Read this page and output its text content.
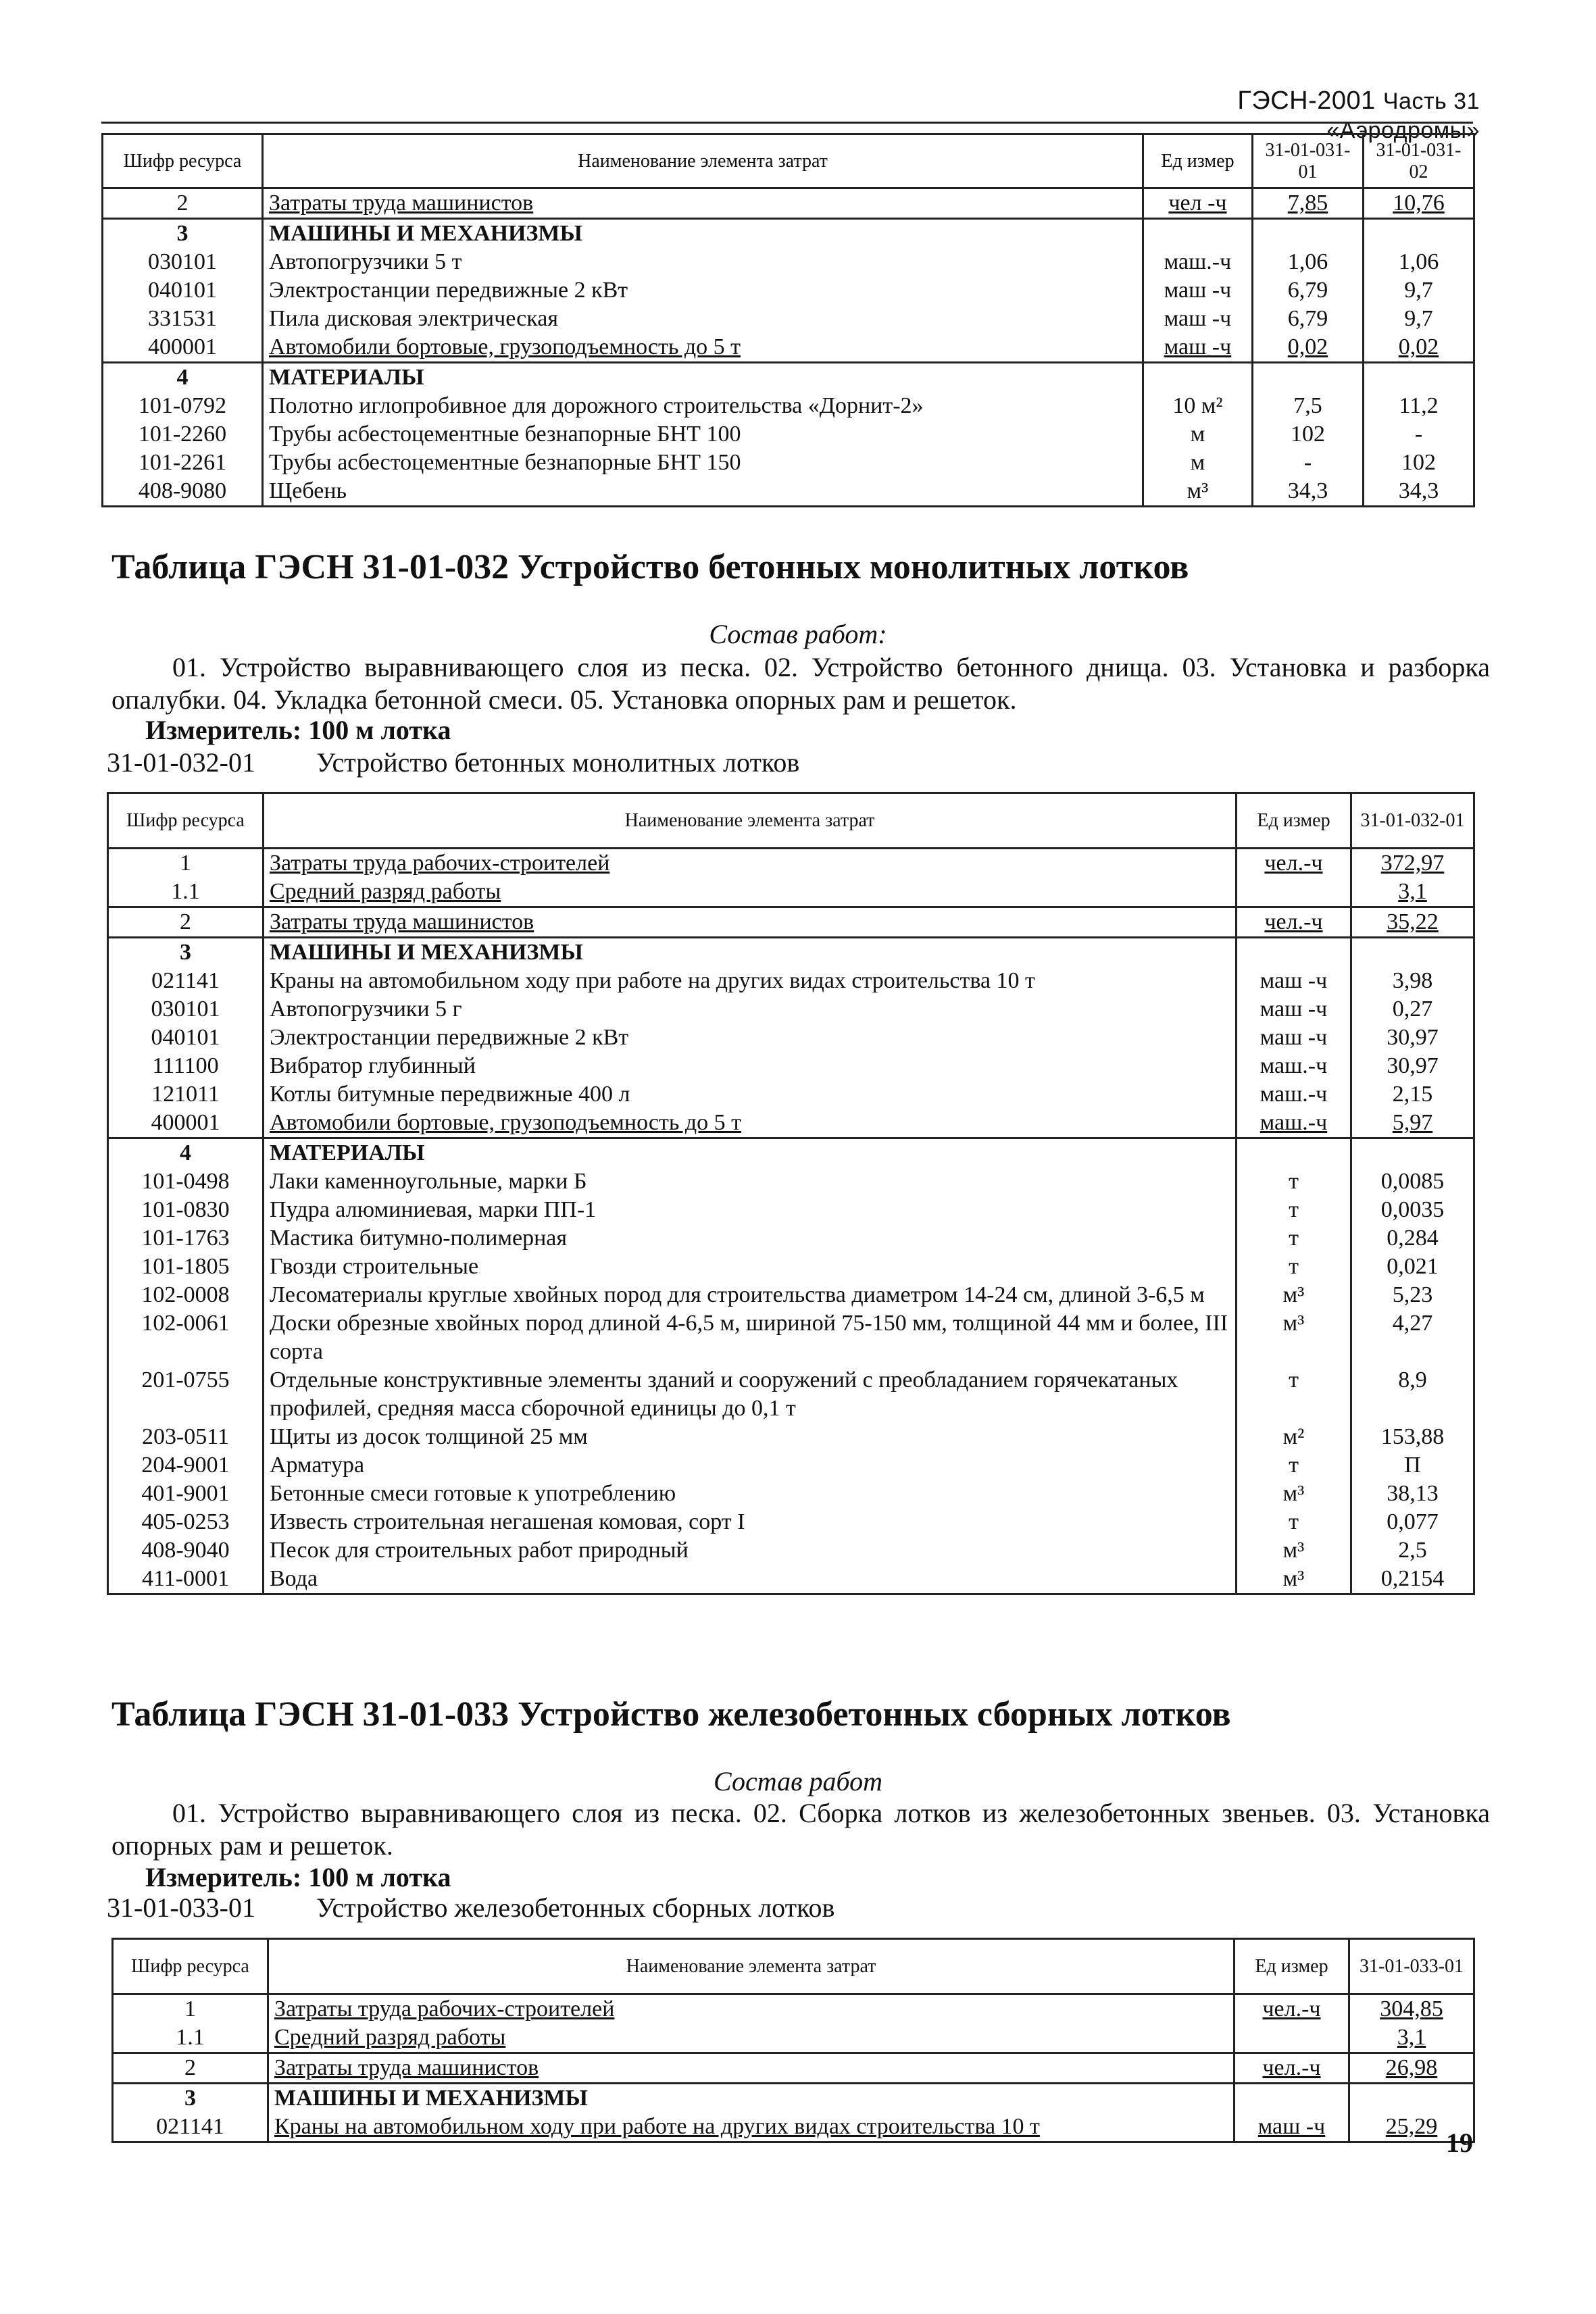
ГЭСН-2001 Часть 31 «Аэродромы»
Шифр ресурса	Наименование элемента затрат	Ед измер	31-01-031-01	31-01-031-02
2	Затраты труда машинистов	чел -ч	7,85	10,76
3	МАШИНЫ И МЕХАНИЗМЫ			
030101	Автопогрузчики 5 т	маш.-ч	1,06	1,06
040101	Электростанции передвижные 2 кВт	маш -ч	6,79	9,7
331531	Пила дисковая электрическая	маш -ч	6,79	9,7
400001	Автомобили бортовые, грузоподъемность до 5 т	маш -ч	0,02	0,02
4	МАТЕРИАЛЫ			
101-0792	Полотно иглопробивное для дорожного строительства «Дорнит-2»	10 м²	7,5	11,2
101-2260	Трубы асбестоцементные безнапорные БНТ 100	м	102	-
101-2261	Трубы асбестоцементные безнапорные БНТ 150	м	-	102
408-9080	Щебень	м³	34,3	34,3
Таблица ГЭСН 31-01-032 Устройство бетонных монолитных лотков
Состав работ:
01. Устройство выравнивающего слоя из песка. 02. Устройство бетонного днища. 03. Установка и разборка опалубки. 04. Укладка бетонной смеси. 05. Установка опорных рам и решеток.
Измеритель: 100 м лотка
31-01-032-01 Устройство бетонных монолитных лотков
Шифр ресурса	Наименование элемента затрат	Ед измер	31-01-032-01
1	Затраты труда рабочих-строителей	чел.-ч	372,97
1.1	Средний разряд работы		3,1
2	Затраты труда машинистов	чел.-ч	35,22
3	МАШИНЫ И МЕХАНИЗМЫ		
021141	Краны на автомобильном ходу при работе на других видах строительства 10 т	маш -ч	3,98
030101	Автопогрузчики 5 г	маш -ч	0,27
040101	Электростанции передвижные 2 кВт	маш -ч	30,97
111100	Вибратор глубинный	маш.-ч	30,97
121011	Котлы битумные передвижные 400 л	маш.-ч	2,15
400001	Автомобили бортовые, грузоподъемность до 5 т	маш.-ч	5,97
4	МАТЕРИАЛЫ		
101-0498	Лаки каменноугольные, марки Б	т	0,0085
101-0830	Пудра алюминиевая, марки ПП-1	т	0,0035
101-1763	Мастика битумно-полимерная	т	0,284
101-1805	Гвозди строительные	т	0,021
102-0008	Лесоматериалы круглые хвойных пород для строительства диаметром 14-24 см, длиной 3-6,5 м	м³	5,23
102-0061	Доски обрезные хвойных пород длиной 4-6,5 м, шириной 75-150 мм, толщиной 44 мм и более, III сорта	м³	4,27
201-0755	Отдельные конструктивные элементы зданий и сооружений с преобладанием горячекатаных профилей, средняя масса сборочной единицы до 0,1 т	т	8,9
203-0511	Щиты из досок толщиной 25 мм	м²	153,88
204-9001	Арматура	т	П
401-9001	Бетонные смеси готовые к употреблению	м³	38,13
405-0253	Известь строительная негашеная комовая, сорт I	т	0,077
408-9040	Песок для строительных работ природный	м³	2,5
411-0001	Вода	м³	0,2154
Таблица ГЭСН 31-01-033 Устройство железобетонных сборных лотков
Состав работ
01. Устройство выравнивающего слоя из песка. 02. Сборка лотков из железобетонных звеньев. 03. Установка опорных рам и решеток.
Измеритель: 100 м лотка
31-01-033-01 Устройство железобетонных сборных лотков
Шифр ресурса	Наименование элемента затрат	Ед измер	31-01-033-01
1	Затраты труда рабочих-строителей	чел.-ч	304,85
1.1	Средний разряд работы		3,1
2	Затраты труда машинистов	чел.-ч	26,98
3	МАШИНЫ И МЕХАНИЗМЫ		
021141	Краны на автомобильном ходу при работе на других видах строительства 10 т	маш -ч	25,29
19
